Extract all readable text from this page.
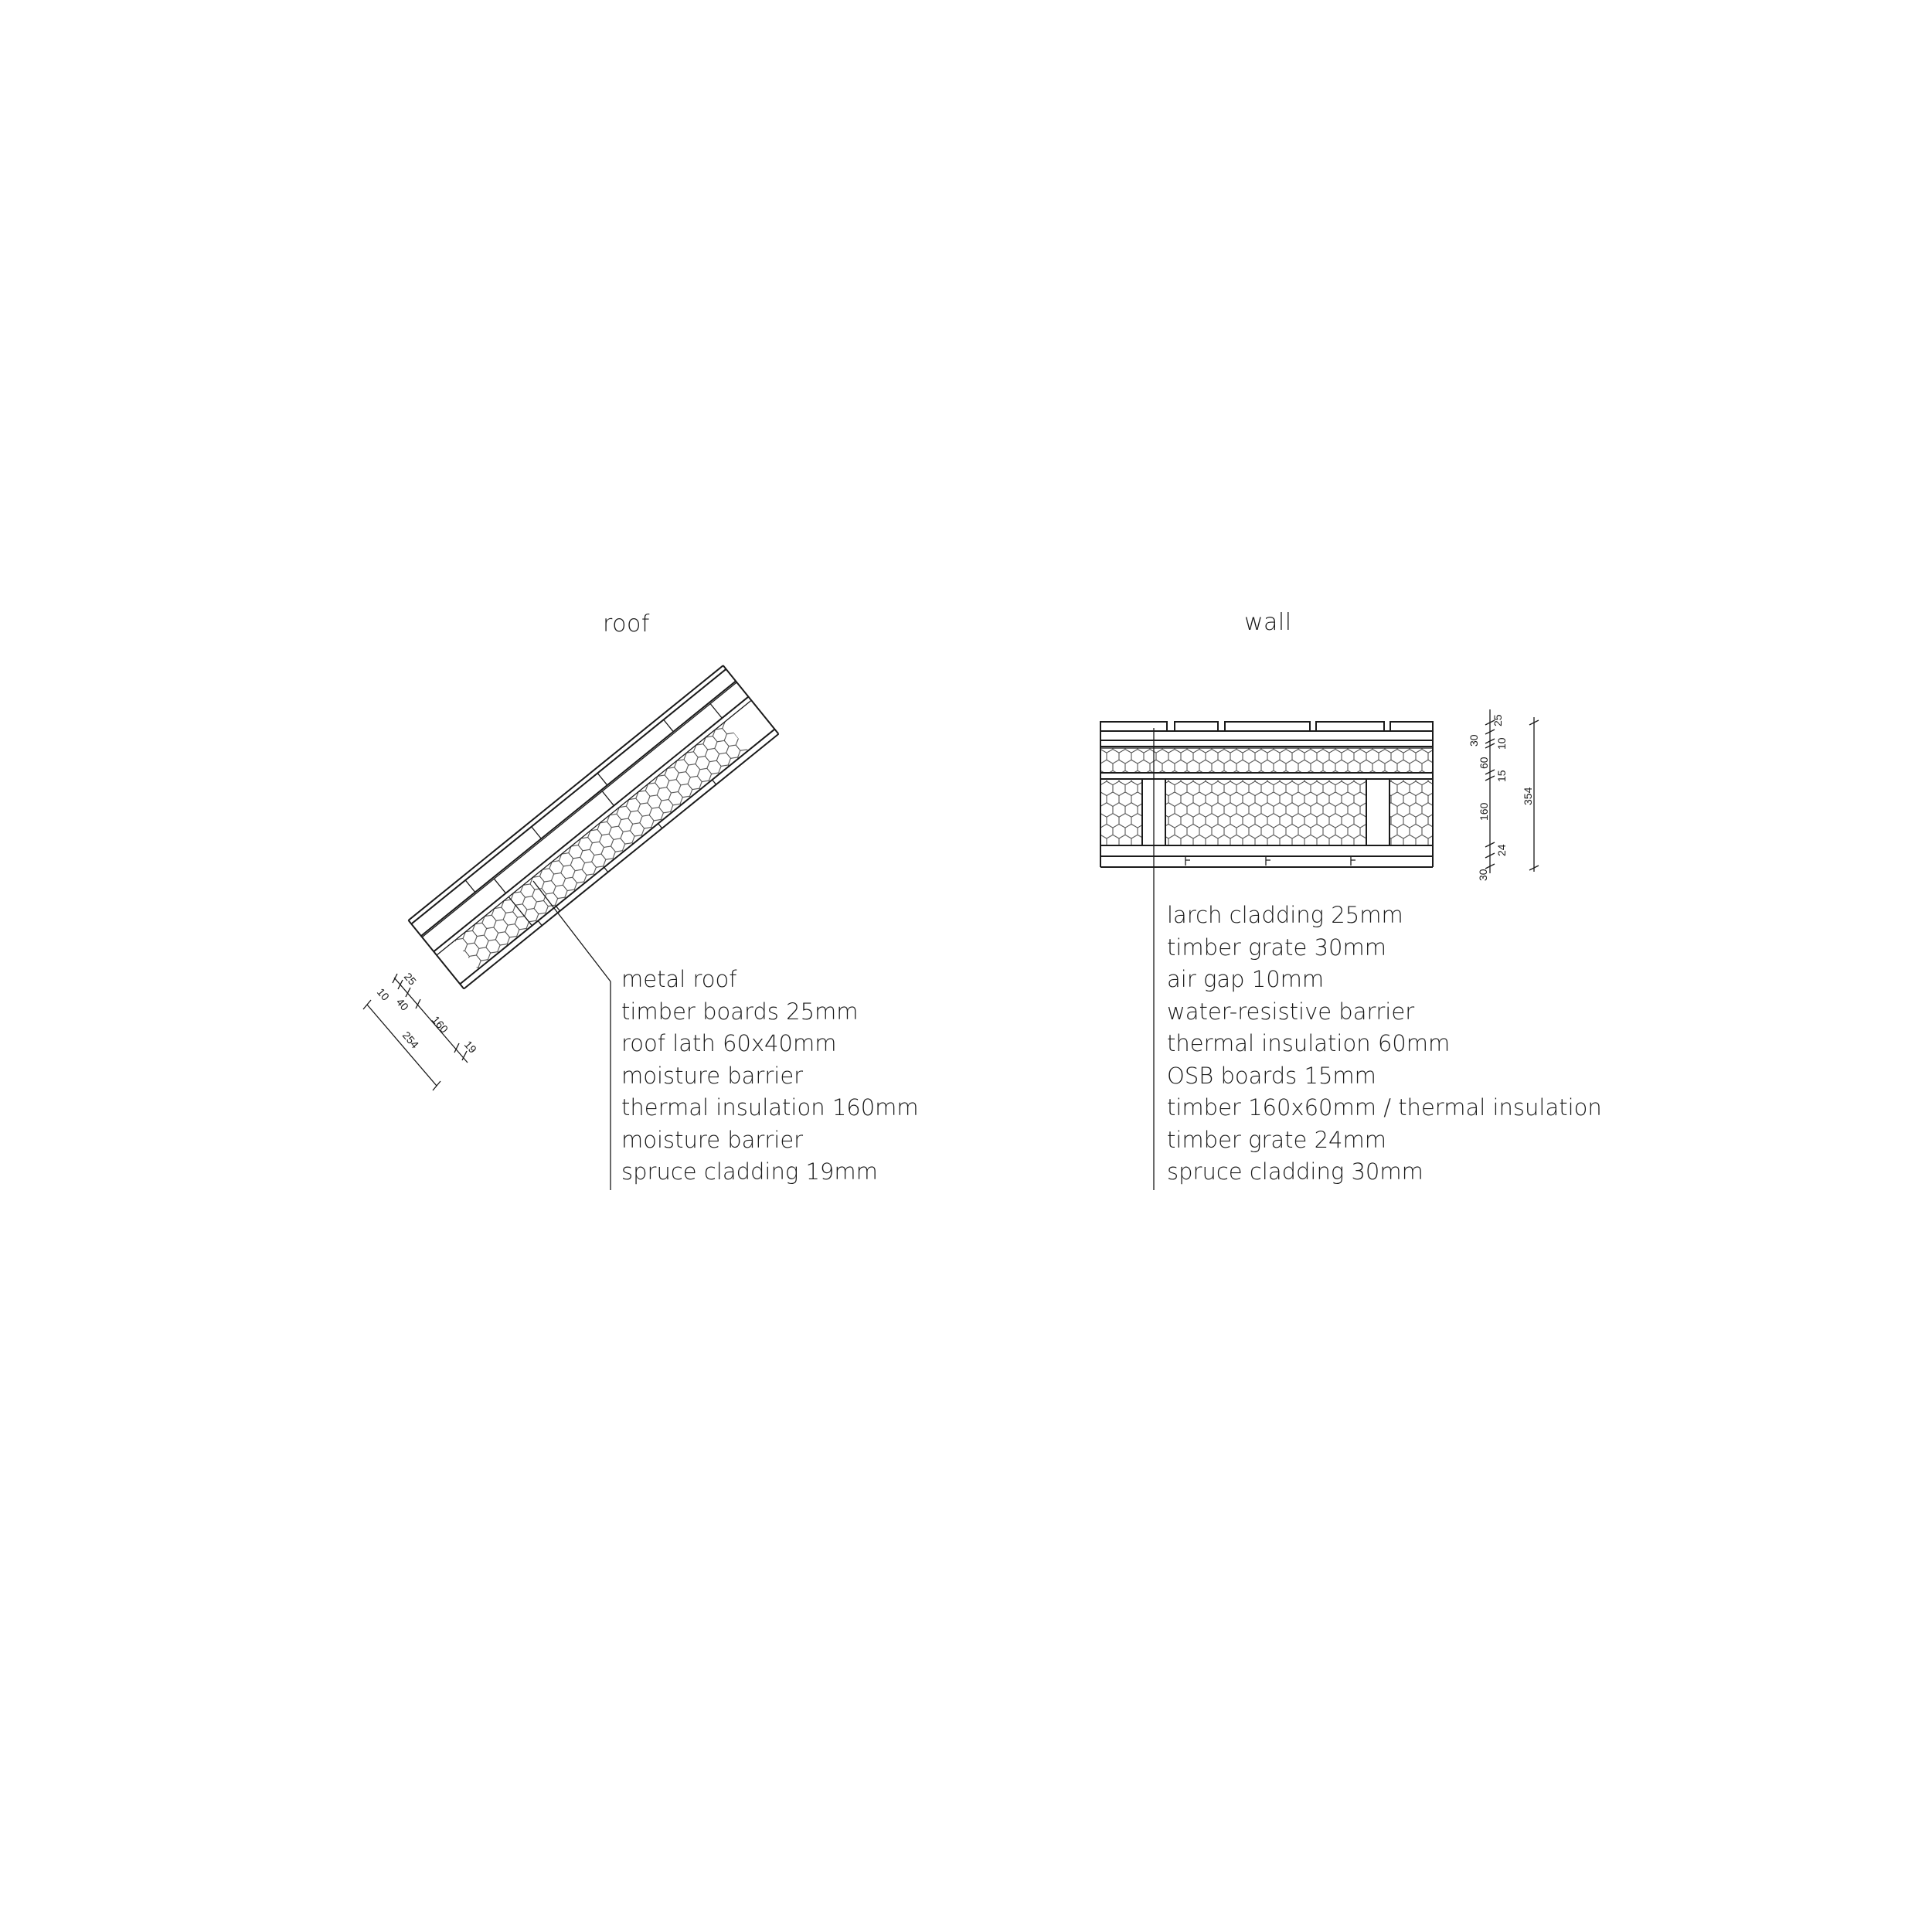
10
25
40
160
254	19
25
30 10
60
15
160
24
30
354
roof	wall
metal roof
timber boards 25mm
roof lath 60x40mm
moisture barrier
thermal insulation 160mm
moisture barrier
spruce cladding 19mm
larch cladding 25mm
timber grate 30mm
air gap 10mm
water-resistive barrier
thermal insulation 60mm
OSB boards 15mm
timber 160x60mm / thermal insulation
timber grate 24mm
spruce cladding 30mm
